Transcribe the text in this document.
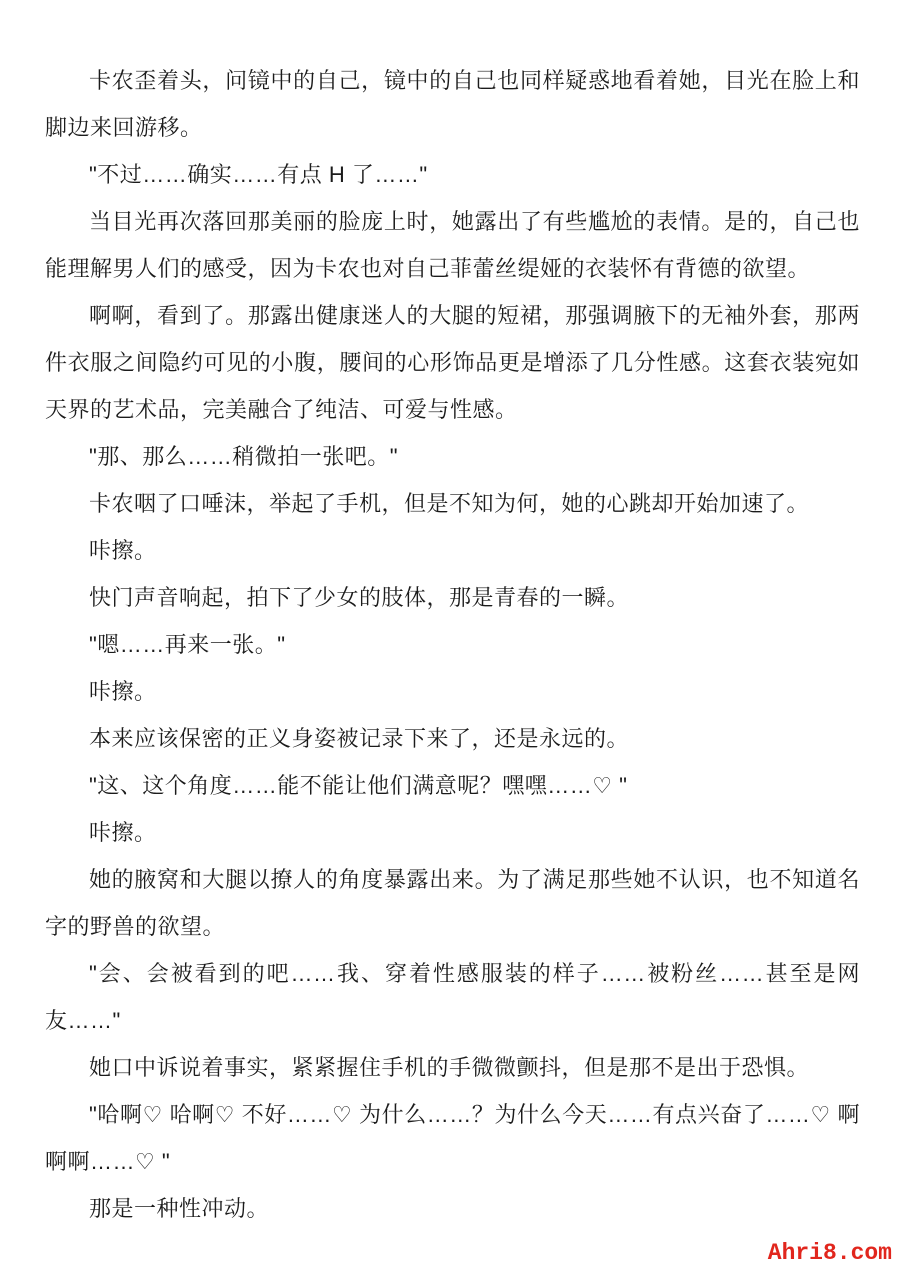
卡农歪着头，问镜中的自己，镜中的自己也同样疑惑地看着她，目光在脸上和脚边来回游移。

"不过……确实……有点 H 了……"

当目光再次落回那美丽的脸庞上时，她露出了有些尴尬的表情。是的，自己也能理解男人们的感受，因为卡农也对自己菲蕾丝缇娅的衣装怀有背德的欲望。

啊啊，看到了。那露出健康迷人的大腿的短裙，那强调腋下的无袖外套，那两件衣服之间隐约可见的小腹，腰间的心形饰品更是增添了几分性感。这套衣装宛如天界的艺术品，完美融合了纯洁、可爱与性感。

"那、那么……稍微拍一张吧。"

卡农咽了口唾沫，举起了手机，但是不知为何，她的心跳却开始加速了。

咔擦。

快门声音响起，拍下了少女的肢体，那是青春的一瞬。

"嗯……再来一张。"

咔擦。

本来应该保密的正义身姿被记录下来了，还是永远的。

"这、这个角度……能不能让他们满意呢？嘿嘿……♡ "

咔擦。

她的腋窝和大腿以撩人的角度暴露出来。为了满足那些她不认识，也不知道名字的野兽的欲望。

"会、会被看到的吧……我、穿着性感服装的样子……被粉丝……甚至是网友……"

她口中诉说着事实，紧紧握住手机的手微微颤抖，但是那不是出于恐惧。

"哈啊♡ 哈啊♡ 不好……♡ 为什么……？为什么今天……有点兴奋了……♡ 啊啊啊……♡ "

那是一种性冲动。

Ahri8.com
